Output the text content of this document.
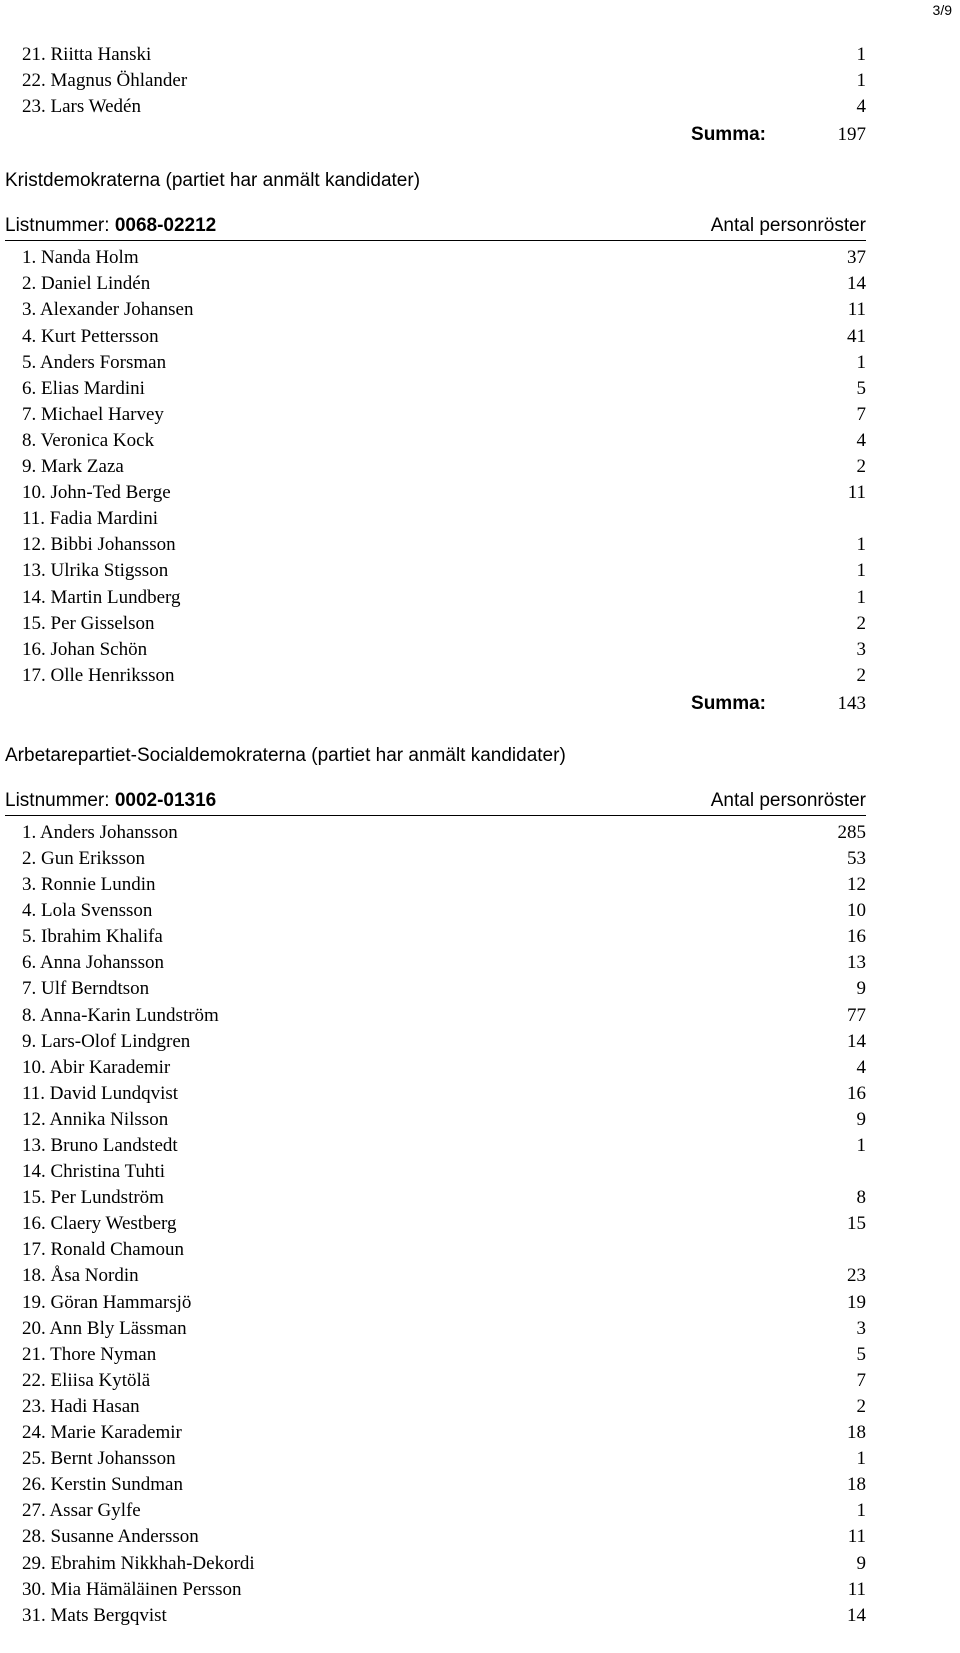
3/9
21. Riitta Hanski	1
22. Magnus Öhlander	1
23. Lars Wedén	4
Summa:	197
Kristdemokraterna (partiet har anmält kandidater)
Listnummer: 0068-02212	Antal personröster
1. Nanda Holm	37
2. Daniel Lindén	14
3. Alexander Johansen	11
4. Kurt Pettersson	41
5. Anders Forsman	1
6. Elias Mardini	5
7. Michael Harvey	7
8. Veronica Kock	4
9. Mark Zaza	2
10. John-Ted Berge	11
11. Fadia Mardini
12. Bibbi Johansson	1
13. Ulrika Stigsson	1
14. Martin Lundberg	1
15. Per Gisselson	2
16. Johan Schön	3
17. Olle Henriksson	2
Summa:	143
Arbetarepartiet-Socialdemokraterna (partiet har anmält kandidater)
Listnummer: 0002-01316	Antal personröster
1. Anders Johansson	285
2. Gun Eriksson	53
3. Ronnie Lundin	12
4. Lola Svensson	10
5. Ibrahim Khalifa	16
6. Anna Johansson	13
7. Ulf Berndtson	9
8. Anna-Karin Lundström	77
9. Lars-Olof Lindgren	14
10. Abir Karademir	4
11. David Lundqvist	16
12. Annika Nilsson	9
13. Bruno Landstedt	1
14. Christina Tuhti
15. Per Lundström	8
16. Claery Westberg	15
17. Ronald Chamoun
18. Åsa Nordin	23
19. Göran Hammarsjö	19
20. Ann Bly Lässman	3
21. Thore Nyman	5
22. Eliisa Kytölä	7
23. Hadi Hasan	2
24. Marie Karademir	18
25. Bernt Johansson	1
26. Kerstin Sundman	18
27. Assar Gylfe	1
28. Susanne Andersson	11
29. Ebrahim Nikkhah-Dekordi	9
30. Mia Hämäläinen Persson	11
31. Mats Bergqvist	14
